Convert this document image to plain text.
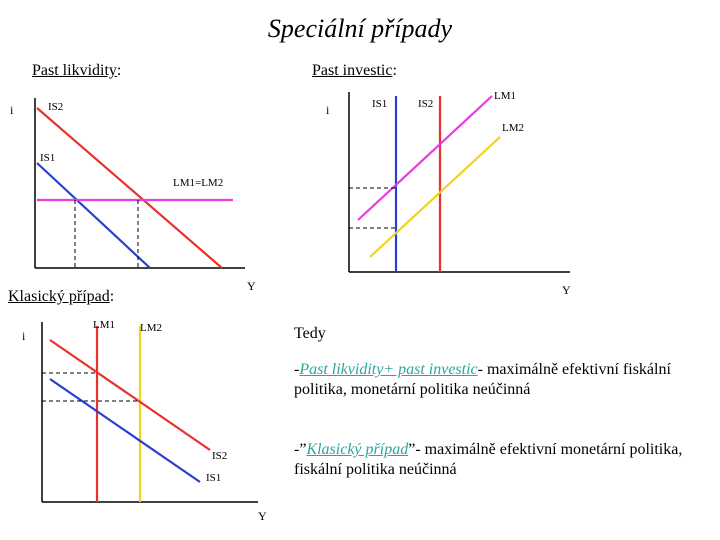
Speciální případy
Past likvidity:	Past investic:
Klasický případ:
i
Y
IS2
IS1
LM1=LM2
i
Y
IS1	IS2
LM1
LM2
i
Y
LM1 LM2
IS2
IS1
Tedy
-Past likvidity+ past investic- maximálně efektivní fiskální politika, monetární politika neúčinná
-”Klasický případ”- maximálně efektivní monetární politika, fiskální politika neúčinná
